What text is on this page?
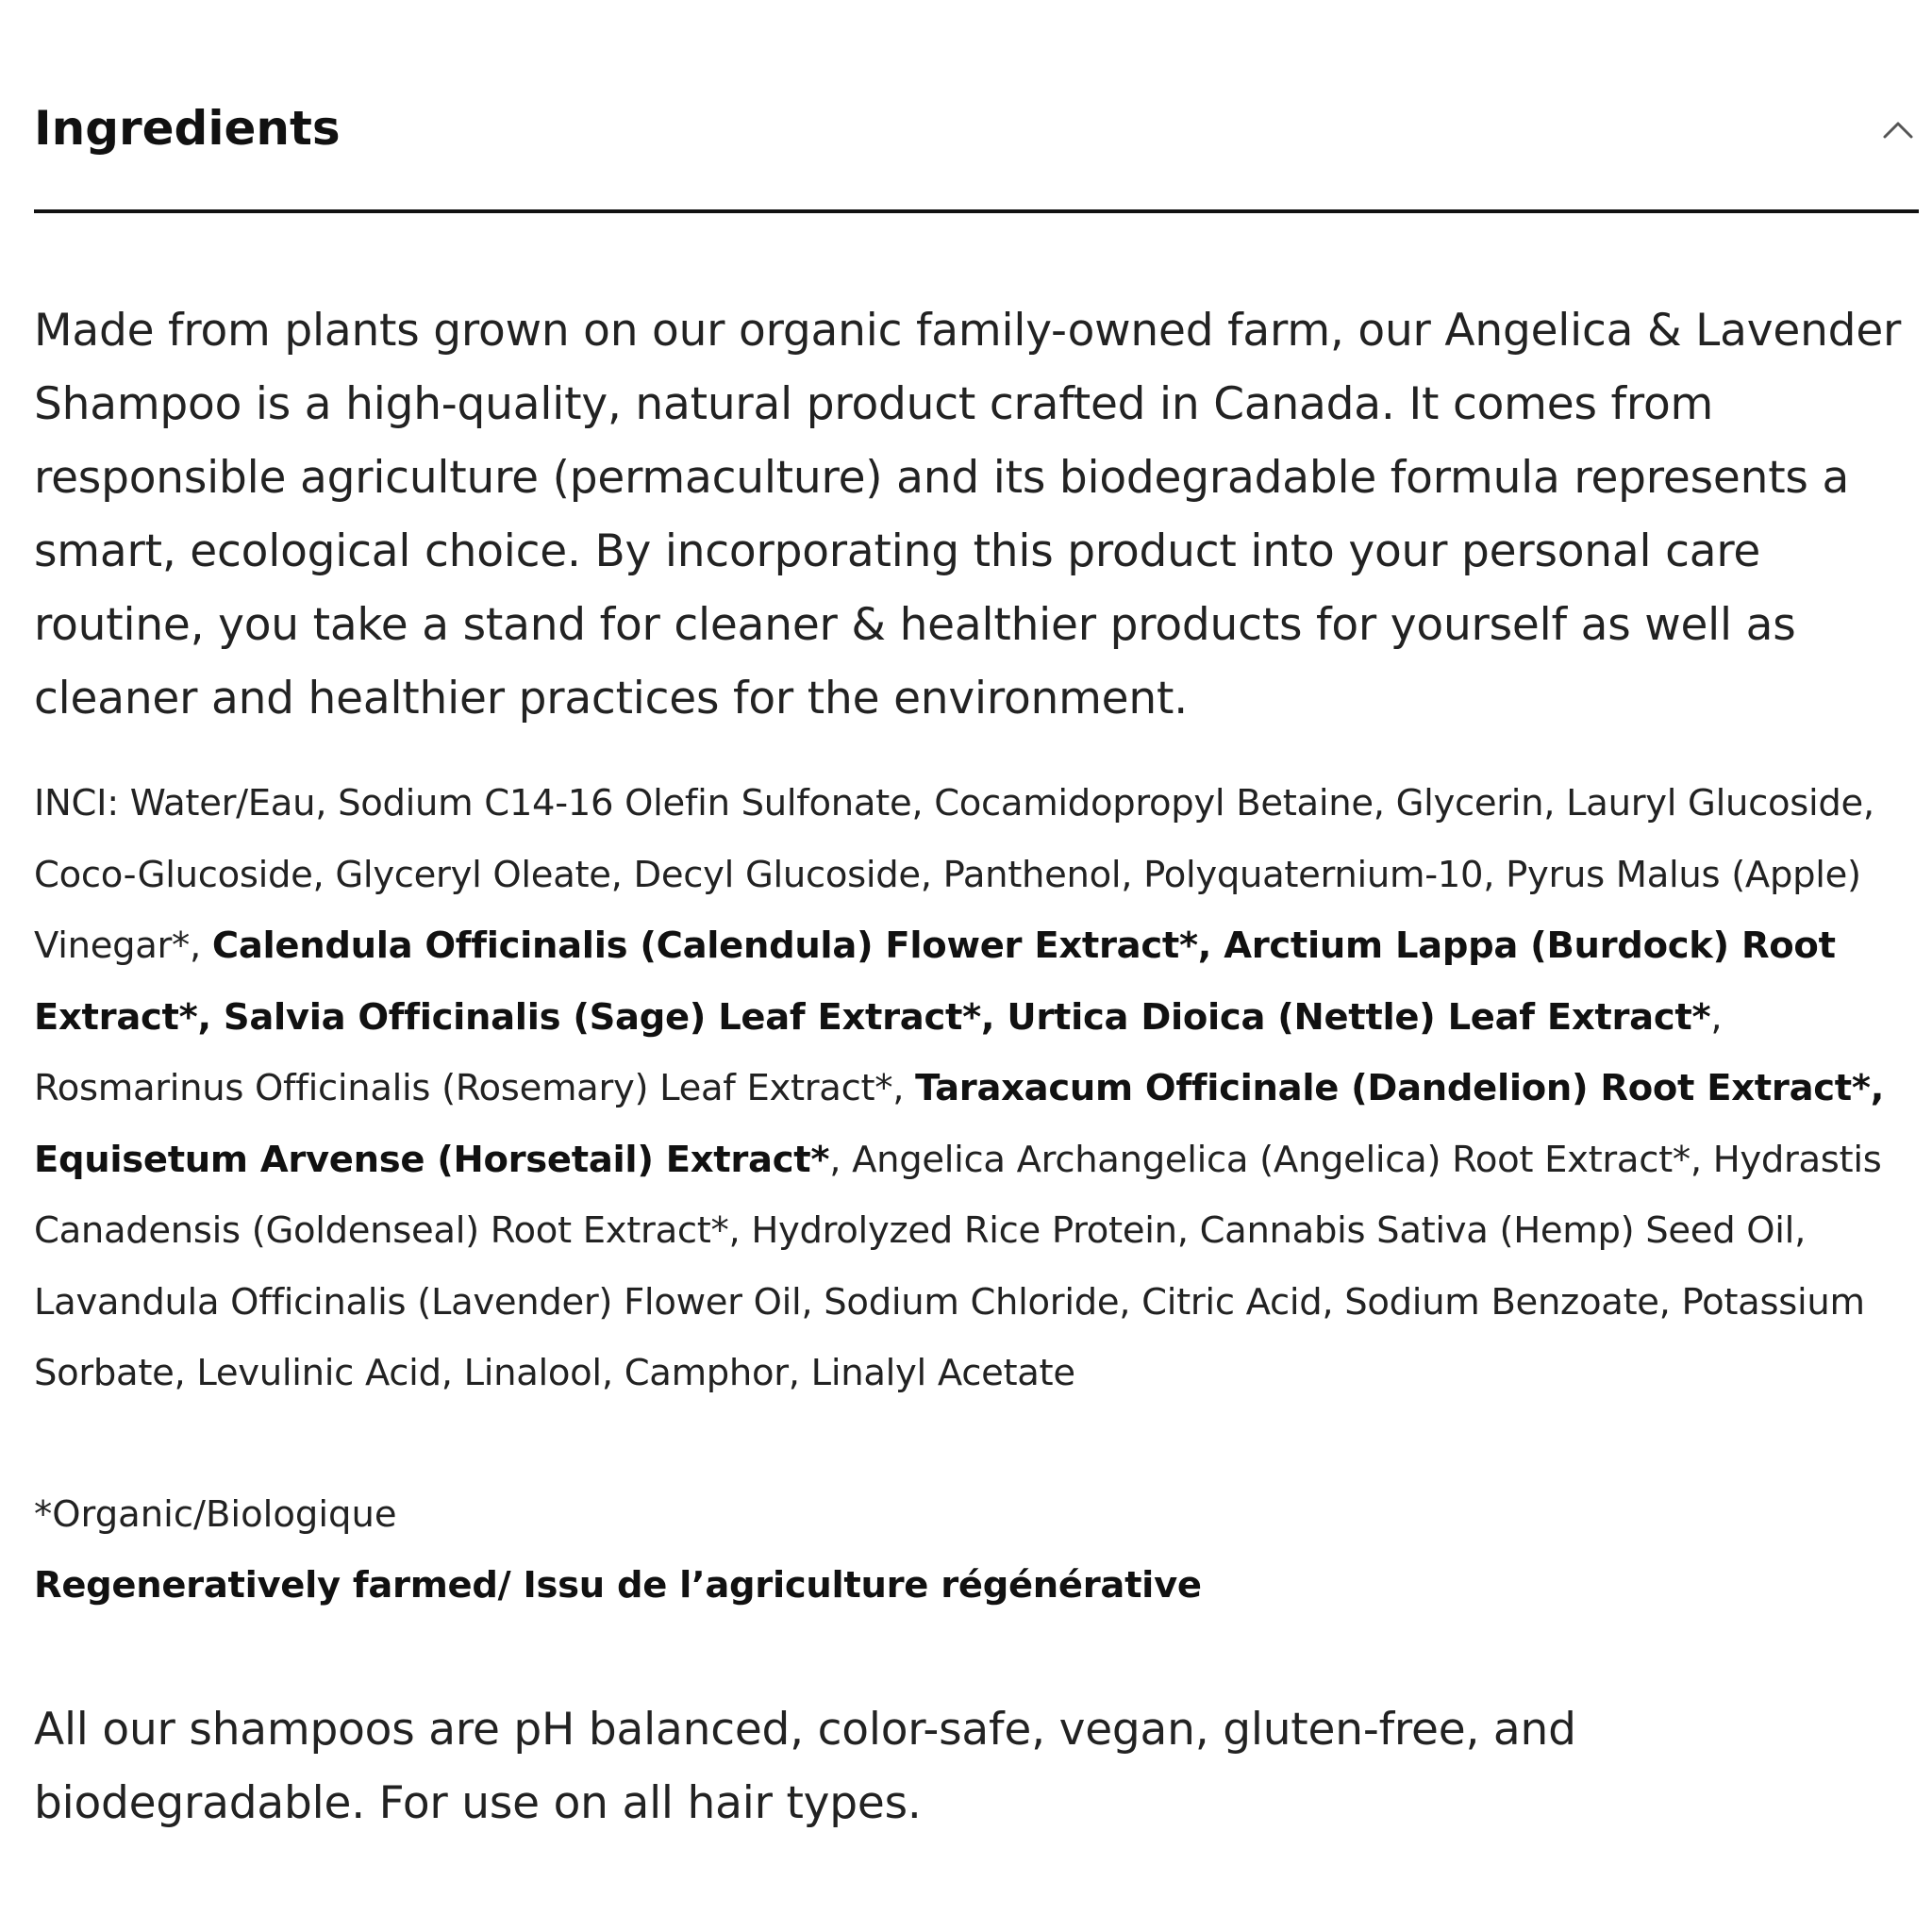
Ingredients

Made from plants grown on our organic family-owned farm, our Angelica & Lavender Shampoo is a high-quality, natural product crafted in Canada. It comes from responsible agriculture (permaculture) and its biodegradable formula represents a smart, ecological choice. By incorporating this product into your personal care routine, you take a stand for cleaner & healthier products for yourself as well as cleaner and healthier practices for the environment.

INCI: Water/Eau, Sodium C14-16 Olefin Sulfonate, Cocamidopropyl Betaine, Glycerin, Lauryl Glucoside, Coco-Glucoside, Glyceryl Oleate, Decyl Glucoside, Panthenol, Polyquaternium-10, Pyrus Malus (Apple) Vinegar*, Calendula Officinalis (Calendula) Flower Extract*, Arctium Lappa (Burdock) Root Extract*, Salvia Officinalis (Sage) Leaf Extract*, Urtica Dioica (Nettle) Leaf Extract*, Rosmarinus Officinalis (Rosemary) Leaf Extract*, Taraxacum Officinale (Dandelion) Root Extract*, Equisetum Arvense (Horsetail) Extract*, Angelica Archangelica (Angelica) Root Extract*, Hydrastis Canadensis (Goldenseal) Root Extract*, Hydrolyzed Rice Protein, Cannabis Sativa (Hemp) Seed Oil, Lavandula Officinalis (Lavender) Flower Oil, Sodium Chloride, Citric Acid, Sodium Benzoate, Potassium Sorbate, Levulinic Acid, Linalool, Camphor, Linalyl Acetate

*Organic/Biologique

Regeneratively farmed/ Issu de l’agriculture régénérative

All our shampoos are pH balanced, color-safe, vegan, gluten-free, and biodegradable. For use on all hair types.
